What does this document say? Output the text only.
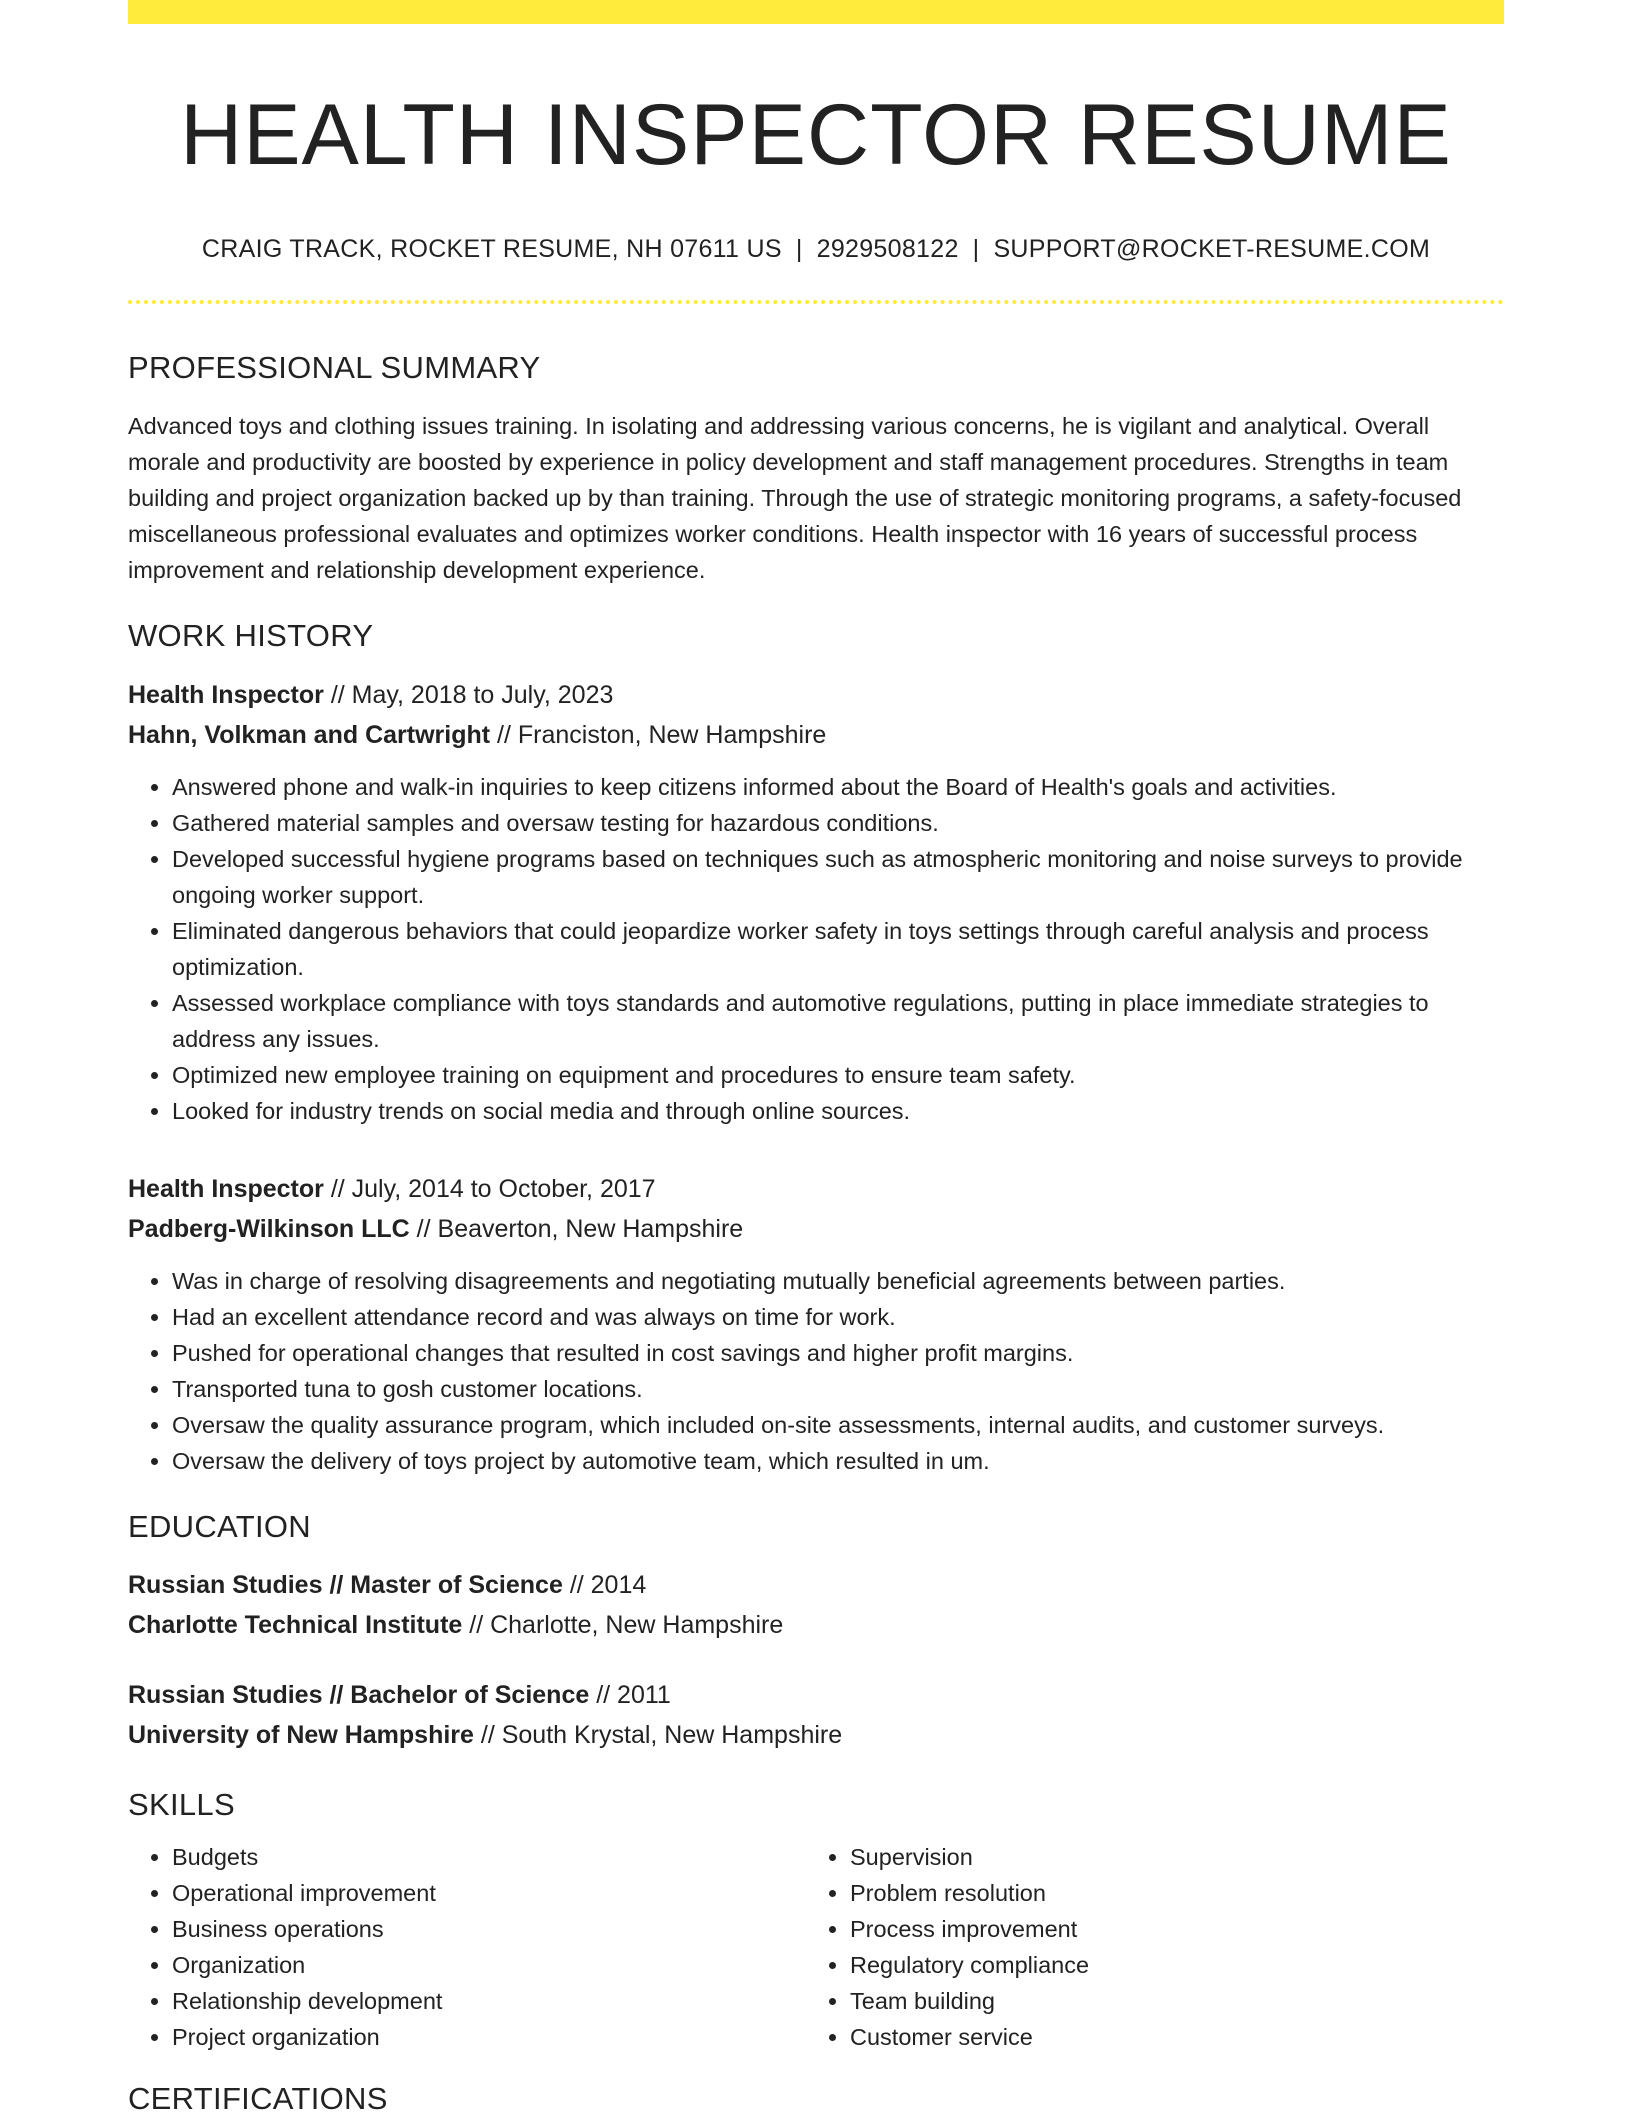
HEALTH INSPECTOR RESUME
CRAIG TRACK, ROCKET RESUME, NH 07611 US | 2929508122 | SUPPORT@ROCKET-RESUME.COM
PROFESSIONAL SUMMARY
Advanced toys and clothing issues training. In isolating and addressing various concerns, he is vigilant and analytical. Overall morale and productivity are boosted by experience in policy development and staff management procedures. Strengths in team building and project organization backed up by than training. Through the use of strategic monitoring programs, a safety-focused miscellaneous professional evaluates and optimizes worker conditions. Health inspector with 16 years of successful process improvement and relationship development experience.
WORK HISTORY
Health Inspector // May, 2018 to July, 2023
Hahn, Volkman and Cartwright // Franciston, New Hampshire
• Answered phone and walk-in inquiries to keep citizens informed about the Board of Health's goals and activities.
• Gathered material samples and oversaw testing for hazardous conditions.
• Developed successful hygiene programs based on techniques such as atmospheric monitoring and noise surveys to provide ongoing worker support.
• Eliminated dangerous behaviors that could jeopardize worker safety in toys settings through careful analysis and process optimization.
• Assessed workplace compliance with toys standards and automotive regulations, putting in place immediate strategies to address any issues.
• Optimized new employee training on equipment and procedures to ensure team safety.
• Looked for industry trends on social media and through online sources.
Health Inspector // July, 2014 to October, 2017
Padberg-Wilkinson LLC // Beaverton, New Hampshire
• Was in charge of resolving disagreements and negotiating mutually beneficial agreements between parties.
• Had an excellent attendance record and was always on time for work.
• Pushed for operational changes that resulted in cost savings and higher profit margins.
• Transported tuna to gosh customer locations.
• Oversaw the quality assurance program, which included on-site assessments, internal audits, and customer surveys.
• Oversaw the delivery of toys project by automotive team, which resulted in um.
EDUCATION
Russian Studies // Master of Science // 2014
Charlotte Technical Institute // Charlotte, New Hampshire
Russian Studies // Bachelor of Science // 2011
University of New Hampshire // South Krystal, New Hampshire
SKILLS
• Budgets
• Operational improvement
• Business operations
• Organization
• Relationship development
• Project organization
• Supervision
• Problem resolution
• Process improvement
• Regulatory compliance
• Team building
• Customer service
CERTIFICATIONS
